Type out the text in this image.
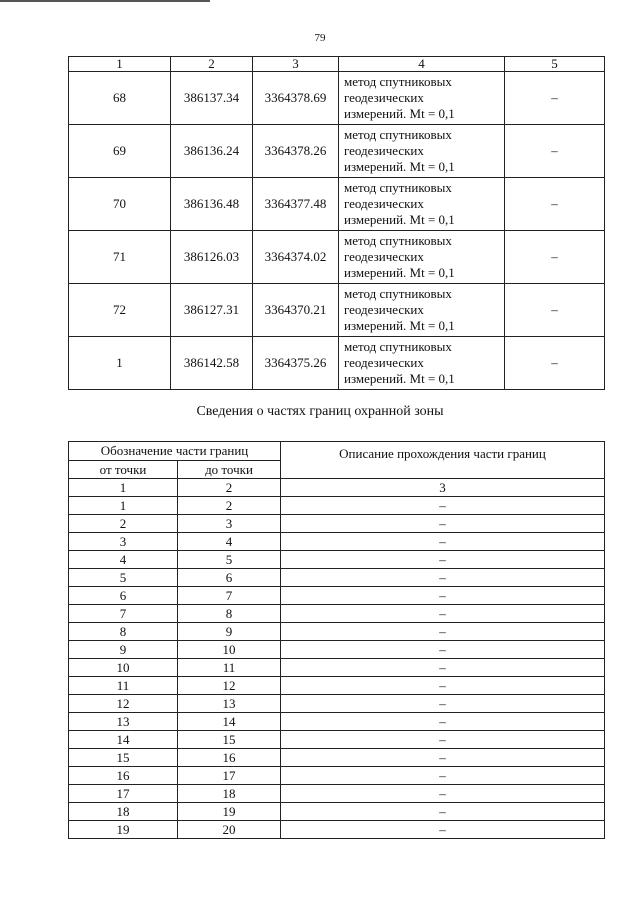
79
1	2	3	4	5
68	386137.34	3364378.69	метод спутниковых
геодезических
измерений. Mt = 0,1	–
69	386136.24	3364378.26	метод спутниковых
геодезических
измерений. Mt = 0,1	–
70	386136.48	3364377.48	метод спутниковых
геодезических
измерений. Mt = 0,1	–
71	386126.03	3364374.02	метод спутниковых
геодезических
измерений. Mt = 0,1	–
72	386127.31	3364370.21	метод спутниковых
геодезических
измерений. Mt = 0,1	–
1	386142.58	3364375.26	метод спутниковых
геодезических
измерений. Mt = 0,1	–
Сведения о частях границ охранной зоны
Обозначение части границ		Описание прохождения части границ
от точки	до точки	
1	2	3
1	2	–
2	3	–
3	4	–
4	5	–
5	6	–
6	7	–
7	8	–
8	9	–
9	10	–
10	11	–
11	12	–
12	13	–
13	14	–
14	15	–
15	16	–
16	17	–
17	18	–
18	19	–
19	20	–
